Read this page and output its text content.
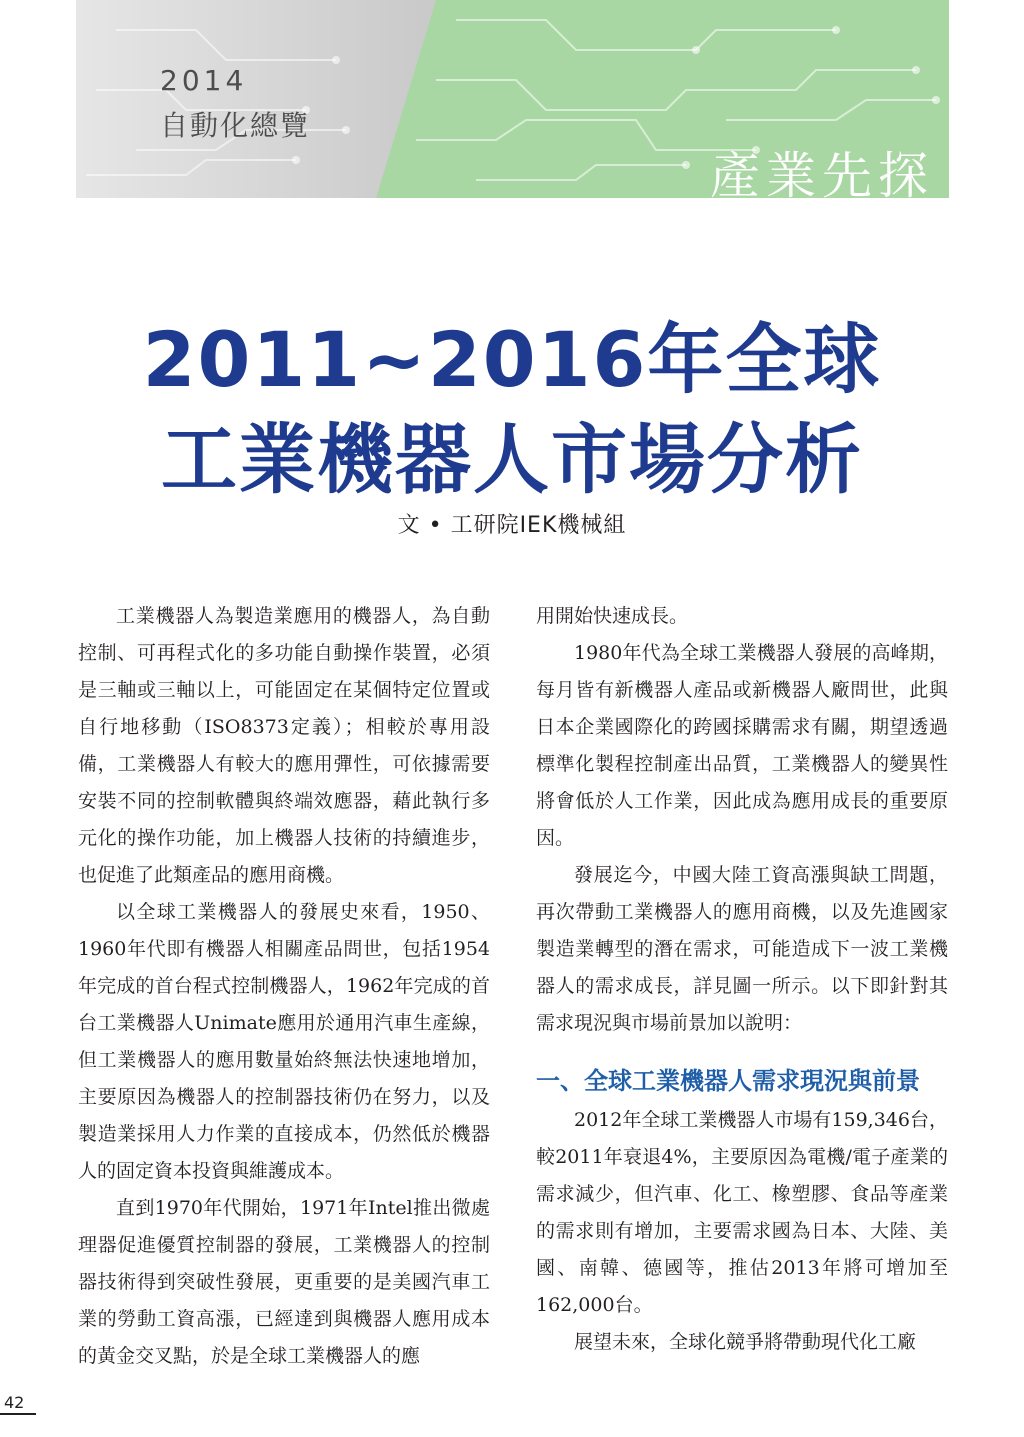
2014
自動化總覽
產業先探
2011~2016年全球
工業機器人市場分析
文 • 工研院IEK機械組

工業機器人為製造業應用的機器人，為自動控制、可再程式化的多功能自動操作裝置，必須是三軸或三軸以上，可能固定在某個特定位置或自行地移動（ISO8373定義）；相較於專用設備，工業機器人有較大的應用彈性，可依據需要安裝不同的控制軟體與終端效應器，藉此執行多元化的操作功能，加上機器人技術的持續進步，也促進了此類產品的應用商機。

以全球工業機器人的發展史來看，1950、1960年代即有機器人相關產品問世，包括1954年完成的首台程式控制機器人，1962年完成的首台工業機器人Unimate應用於通用汽車生產線，但工業機器人的應用數量始終無法快速地增加，主要原因為機器人的控制器技術仍在努力，以及製造業採用人力作業的直接成本，仍然低於機器人的固定資本投資與維護成本。

直到1970年代開始，1971年Intel推出微處理器促進優質控制器的發展，工業機器人的控制器技術得到突破性發展，更重要的是美國汽車工業的勞動工資高漲，已經達到與機器人應用成本的黃金交叉點，於是全球工業機器人的應

用開始快速成長。

1980年代為全球工業機器人發展的高峰期，每月皆有新機器人產品或新機器人廠問世，此與日本企業國際化的跨國採購需求有關，期望透過標準化製程控制產出品質，工業機器人的變異性將會低於人工作業，因此成為應用成長的重要原因。

發展迄今，中國大陸工資高漲與缺工問題，再次帶動工業機器人的應用商機，以及先進國家製造業轉型的潛在需求，可能造成下一波工業機器人的需求成長，詳見圖一所示。以下即針對其需求現況與市場前景加以說明：

一、全球工業機器人需求現況與前景

2012年全球工業機器人市場有159,346台，較2011年衰退4%，主要原因為電機/電子產業的需求減少，但汽車、化工、橡塑膠、食品等產業的需求則有增加，主要需求國為日本、大陸、美國、南韓、德國等，推估2013年將可增加至162,000台。

展望未來，全球化競爭將帶動現代化工廠

42
